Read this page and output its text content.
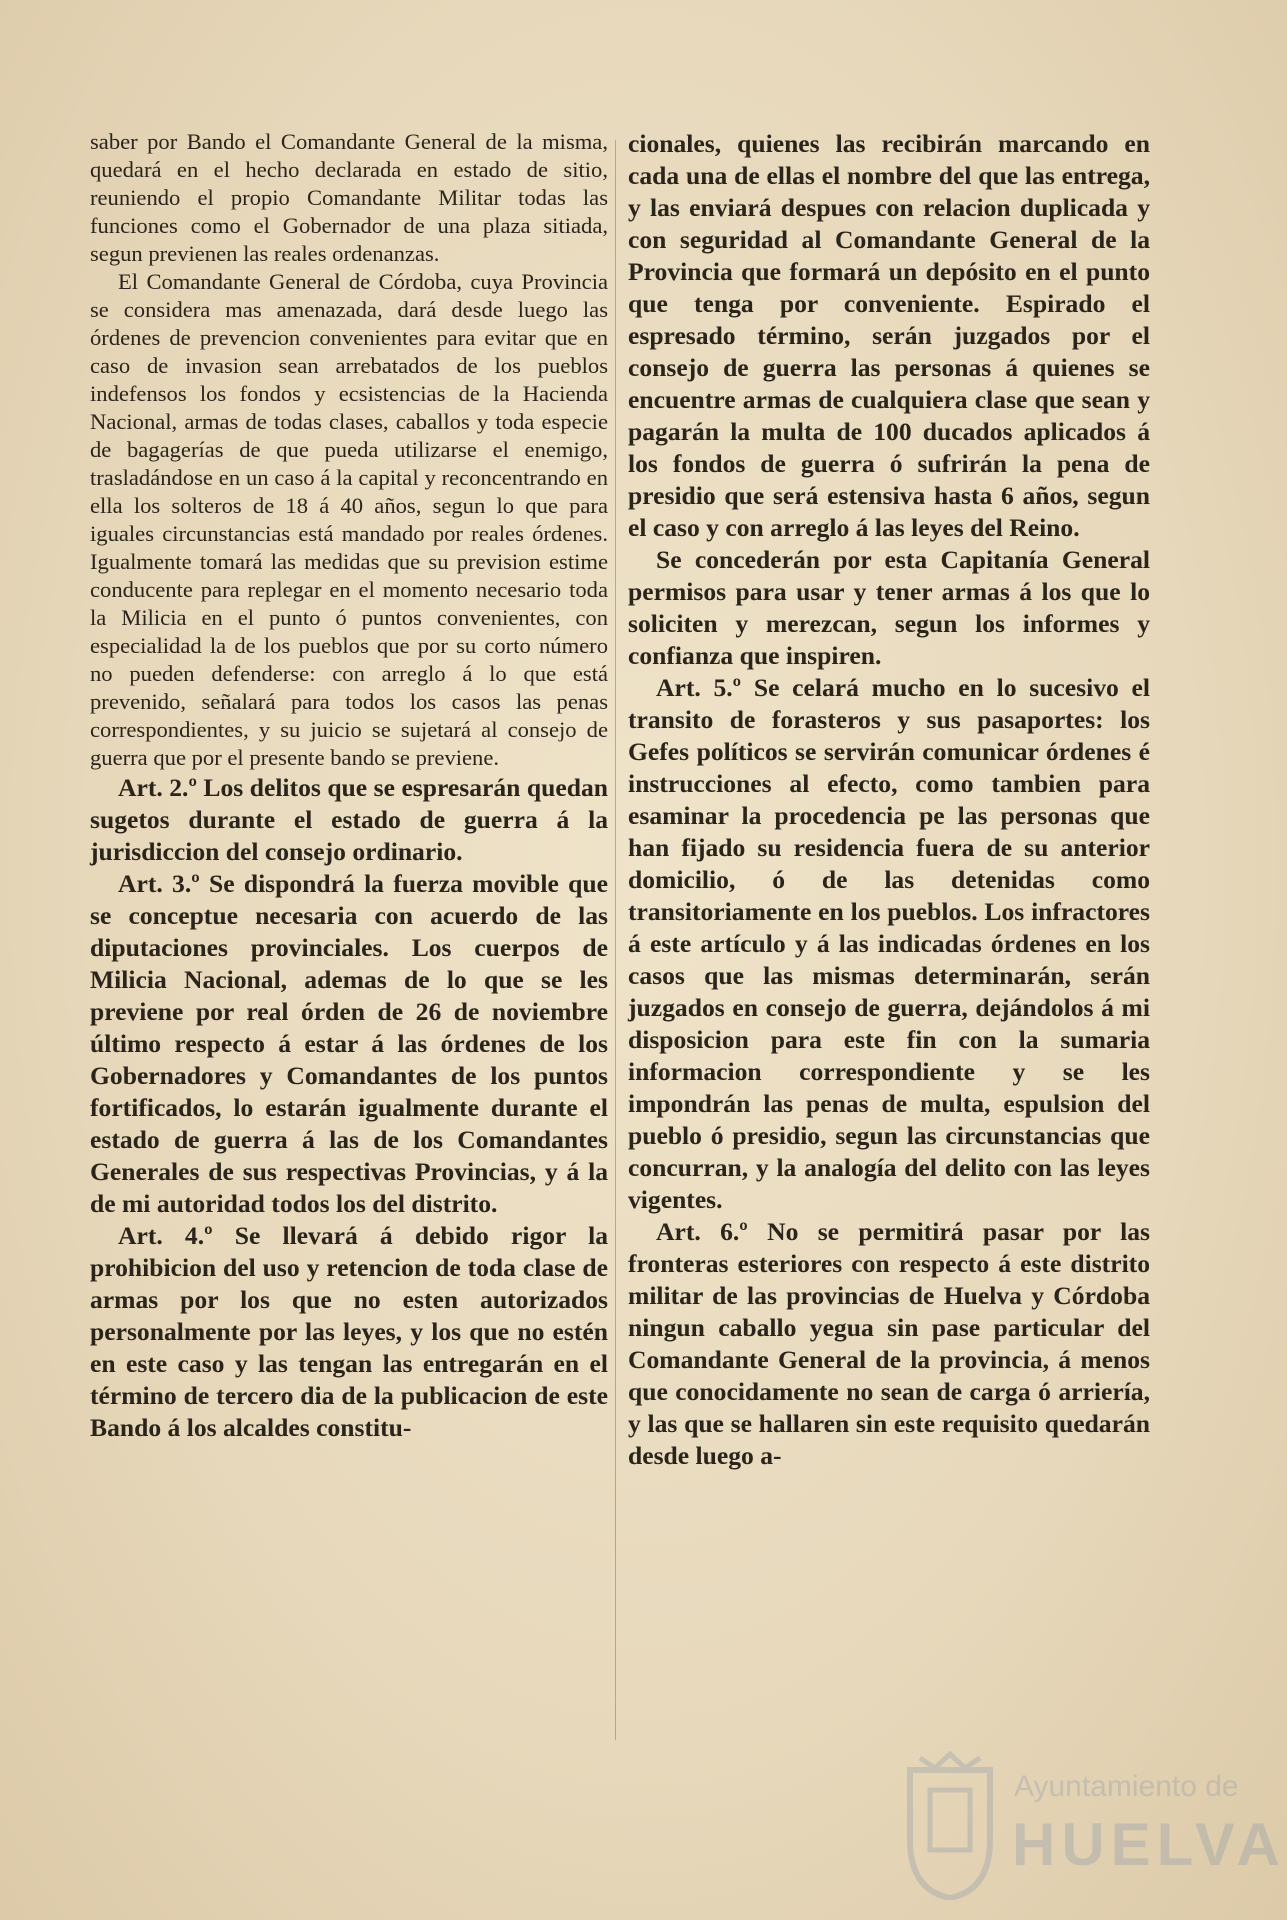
saber por Bando el Comandante General de la misma, quedará en el hecho declarada en estado de sitio, reuniendo el propio Comandante Militar todas las funciones como el Gobernador de una plaza sitiada, segun previenen las reales ordenanzas.

El Comandante General de Córdoba, cuya Provincia se considera mas amenazada, dará desde luego las órdenes de prevencion convenientes para evitar que en caso de invasion sean arrebatados de los pueblos indefensos los fondos y ecsistencias de la Hacienda Nacional, armas de todas clases, caballos y toda especie de bagagerías de que pueda utilizarse el enemigo, trasladándose en un caso á la capital y reconcentrando en ella los solteros de 18 á 40 años, segun lo que para iguales circunstancias está mandado por reales órdenes. Igualmente tomará las medidas que su prevision estime conducente para replegar en el momento necesario toda la Milicia en el punto ó puntos convenientes, con especialidad la de los pueblos que por su corto número no pueden defenderse: con arreglo á lo que está prevenido, señalará para todos los casos las penas correspondientes, y su juicio se sujetará al consejo de guerra que por el presente bando se previene.

Art. 2.º Los delitos que se espresarán quedan sugetos durante el estado de guerra á la jurisdiccion del consejo ordinario.

Art. 3.º Se dispondrá la fuerza movible que se conceptue necesaria con acuerdo de las diputaciones provinciales. Los cuerpos de Milicia Nacional, ademas de lo que se les previene por real órden de 26 de noviembre último respecto á estar á las órdenes de los Gobernadores y Comandantes de los puntos fortificados, lo estarán igualmente durante el estado de guerra á las de los Comandantes Generales de sus respectivas Provincias, y á la de mi autoridad todos los del distrito.

Art. 4.º Se llevará á debido rigor la prohibicion del uso y retencion de toda clase de armas por los que no esten autorizados personalmente por las leyes, y los que no estén en este caso y las tengan las entregarán en el término de tercero dia de la publicacion de este Bando á los alcaldes constitu-

cionales, quienes las recibirán marcando en cada una de ellas el nombre del que las entrega, y las enviará despues con relacion duplicada y con seguridad al Comandante General de la Provincia que formará un depósito en el punto que tenga por conveniente. Espirado el espresado término, serán juzgados por el consejo de guerra las personas á quienes se encuentre armas de cualquiera clase que sean y pagarán la multa de 100 ducados aplicados á los fondos de guerra ó sufrirán la pena de presidio que será estensiva hasta 6 años, segun el caso y con arreglo á las leyes del Reino.

Se concederán por esta Capitanía General permisos para usar y tener armas á los que lo soliciten y merezcan, segun los informes y confianza que inspiren.

Art. 5.º Se celará mucho en lo sucesivo el transito de forasteros y sus pasaportes: los Gefes políticos se servirán comunicar órdenes é instrucciones al efecto, como tambien para esaminar la procedencia pe las personas que han fijado su residencia fuera de su anterior domicilio, ó de las detenidas como transitoriamente en los pueblos. Los infractores á este artículo y á las indicadas órdenes en los casos que las mismas determinarán, serán juzgados en consejo de guerra, dejándolos á mi disposicion para este fin con la sumaria informacion correspondiente y se les impondrán las penas de multa, espulsion del pueblo ó presidio, segun las circunstancias que concurran, y la analogía del delito con las leyes vigentes.

Art. 6.º No se permitirá pasar por las fronteras esteriores con respecto á este distrito militar de las provincias de Huelva y Córdoba ningun caballo yegua sin pase particular del Comandante General de la provincia, á menos que conocidamente no sean de carga ó arriería, y las que se hallaren sin este requisito quedarán desde luego a-

Ayuntamiento de
HUELVA
